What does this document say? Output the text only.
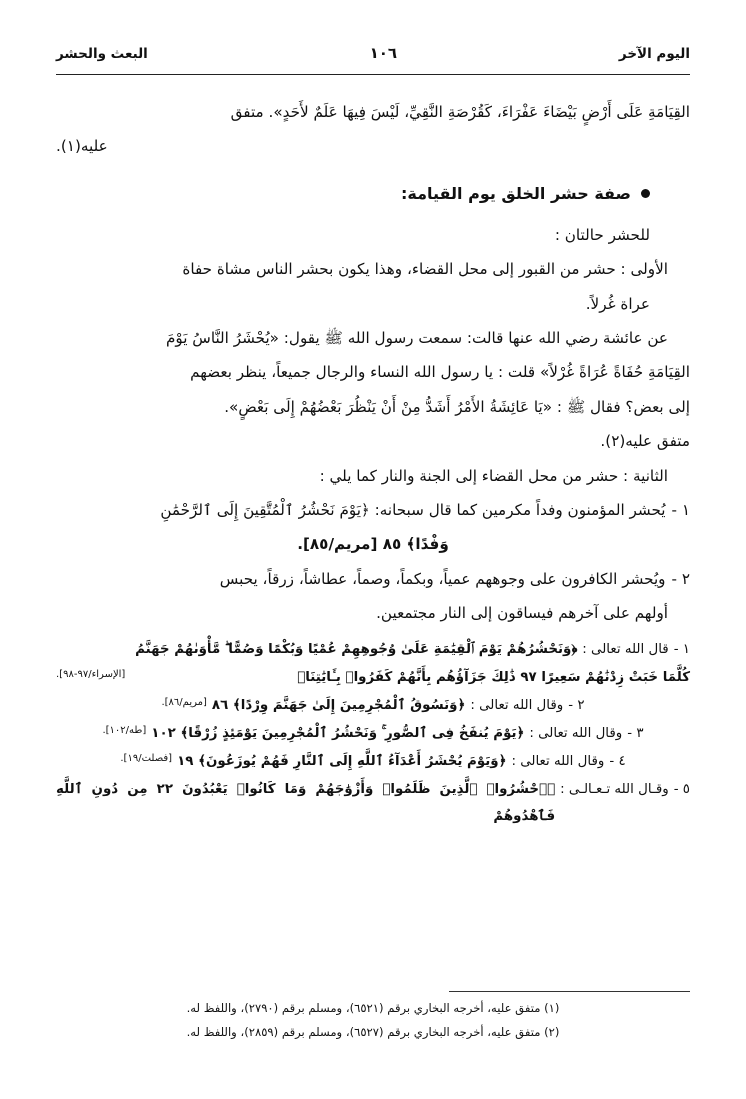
اليوم الآخر
١٠٦
البعث والحشر

القِيَامَةِ عَلَى أَرْضٍ بَيْضَاءَ عَفْرَاءَ، كَقُرْصَةِ النَّقِيِّ، لَيْسَ فِيهَا عَلَمٌ لأَحَدٍ». متفق

عليه(١).

صفة حشر الخلق يوم القيامة:

للحشر حالتان :

الأولى : حشر من القبور إلى محل القضاء، وهذا يكون بحشر الناس مشاة حفاة

عراة غُرلاً.

عن عائشة رضي الله عنها قالت: سمعت رسول الله ﷺ يقول: «يُحْشَرُ النَّاسُ يَوْمَ

القِيَامَةِ حُفَاةً عُرَاةً غُرْلاً» قلت : يا رسول الله النساء والرجال جميعاً، ينظر بعضهم

إلى بعض؟ فقال ﷺ : «يَا عَائِشَةُ الأَمْرُ أَشَدُّ مِنْ أَنْ يَنْظُرَ بَعْضُهُمْ إِلَى بَعْضٍ».

متفق عليه(٢).

الثانية : حشر من محل القضاء إلى الجنة والنار كما يلي :

١ -
يُحشر المؤمنون وفداً مكرمين كما قال سبحانه: ﴿يَوْمَ نَحْشُرُ ٱلْمُتَّقِينَ إِلَى ٱلرَّحْمَٰنِ

وَفْدًا﴾ ٨٥ [مريم/٨٥].

٢ -
ويُحشر الكافرون على وجوههم عمياً، وبكماً، وصماً، عطاشاً، زرقاً، يحبس

أولهم على آخرهم فيساقون إلى النار مجتمعين.

١ -
قال الله تعالى :
﴿وَنَحْشُرُهُمْ يَوْمَ ٱلْقِيَٰمَةِ عَلَىٰ وُجُوهِهِمْ عُمْيًا وَبُكْمًا وَصُمًّا ۖ مَّأْوَىٰهُمْ جَهَنَّمُ
كُلَّمَا خَبَتْ زِدْنَٰهُمْ سَعِيرًا ٩٧ ذَٰلِكَ جَزَآؤُهُم بِأَنَّهُمْ كَفَرُوا۟ بِـَٔايَٰتِنَا﴾
[الإسراء/٩٧-٩٨].
٢ -
وقال الله تعالى :
﴿وَنَسُوقُ ٱلْمُجْرِمِينَ إِلَىٰ جَهَنَّمَ وِرْدًا﴾ ٨٦
[مريم/٨٦].
٣ -
وقال الله تعالى :
﴿يَوْمَ يُنفَخُ فِى ٱلصُّورِ ۚ وَنَحْشُرُ ٱلْمُجْرِمِينَ يَوْمَئِذٍ زُرْقًا﴾ ١٠٢
[طه/١٠٢].
٤ -
وقال الله تعالى :
﴿وَيَوْمَ يُحْشَرُ أَعْدَآءُ ٱللَّهِ إِلَى ٱلنَّارِ فَهُمْ يُوزَعُونَ﴾ ١٩
[فصلت/١٩].
٥ -
وقـال الله تـعـالـى :
﴿ٱحْشُرُوا۟ ٱلَّذِينَ ظَلَمُوا۟ وَأَزْوَٰجَهُمْ وَمَا كَانُوا۟ يَعْبُدُونَ ٢٢ مِن دُونِ ٱللَّهِ فَٱهْدُوهُمْ

(١) متفق عليه، أخرجه البخاري برقم (٦٥٢١)، ومسلم برقم (٢٧٩٠)، واللفظ له.

(٢) متفق عليه، أخرجه البخاري برقم (٦٥٢٧)، ومسلم برقم (٢٨٥٩)، واللفظ له.
